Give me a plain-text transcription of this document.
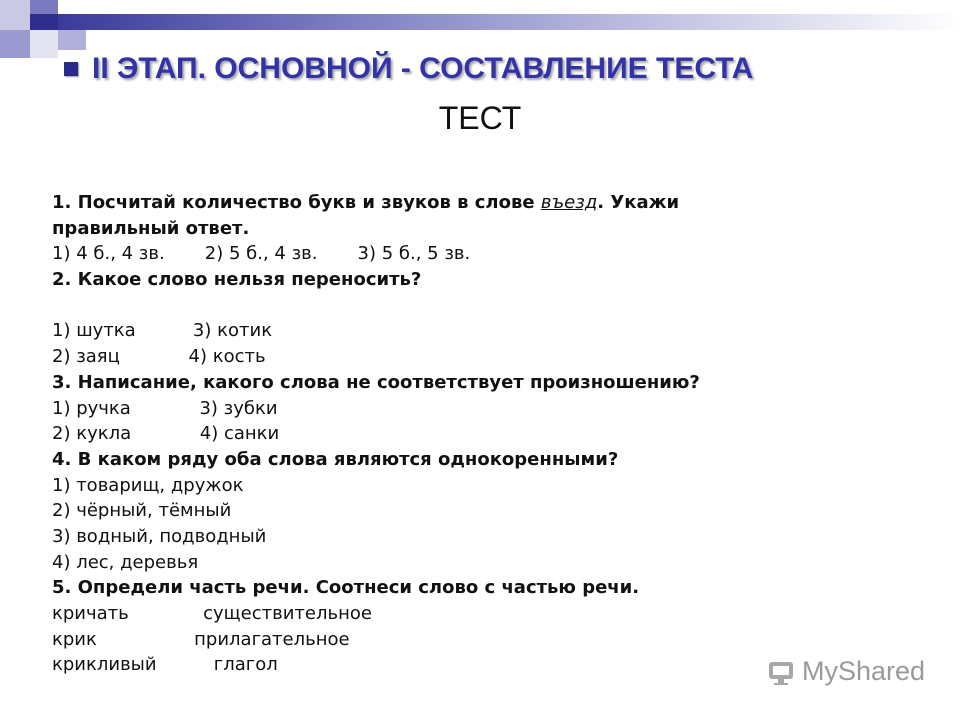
II ЭТАП. ОСНОВНОЙ - СОСТАВЛЕНИЕ ТЕСТА
ТЕСТ
1. Посчитай количество букв и звуков в слове въезд. Укажи
правильный ответ.
1) 4 б., 4 зв.       2) 5 б., 4 зв.       3) 5 б., 5 зв.
2. Какое слово нельзя переносить?
1) шутка          3) котик
2) заяц            4) кость
3. Написание, какого слова не соответствует произношению?
1) ручка            3) зубки
2) кукла            4) санки
4. В каком ряду оба слова являются однокоренными?
1) товарищ, дружок
2) чёрный, тёмный
3) водный, подводный
4) лес, деревья
5. Определи часть речи. Соотнеси слово с частью речи.
кричать             существительное
крик                 прилагательное
крикливый          глагол	MyShared
